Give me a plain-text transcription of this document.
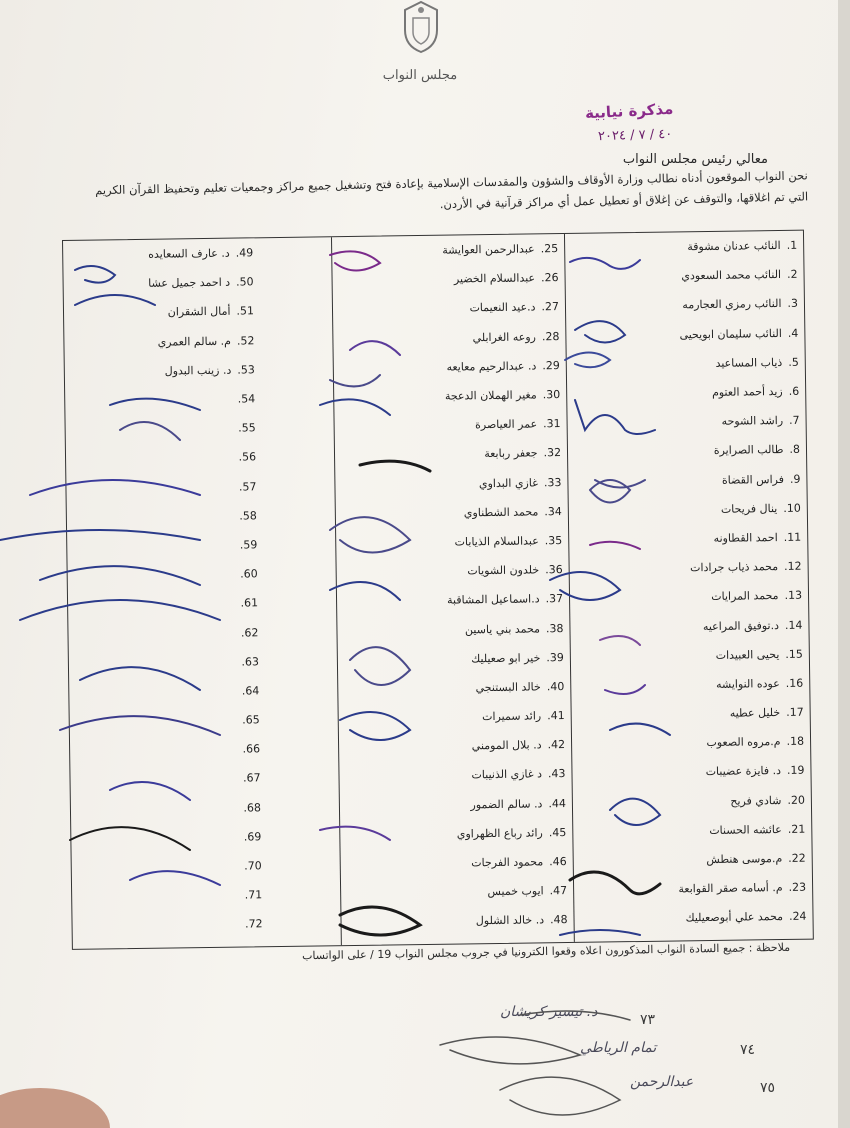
مجلس النواب
مذكرة نيابية
٤٠ / ٧ / ٢٠٢٤
معالي رئيس مجلس النواب
نحن النواب الموقعون أدناه نطالب وزارة الأوقاف والشؤون والمقدسات الإسلامية بإعادة فتح وتشغيل جميع مراكز وجمعيات تعليم وتحفيظ القرآن الكريم التي تم اغلاقها، والتوقف عن إغلاق أو تعطيل عمل أي مراكز قرآنية في الأردن.
1.
النائب عدنان مشوقة
2.
النائب محمد السعودي
3.
النائب رمزي العجارمه
4.
النائب سليمان ابويحيى
5.
ذياب المساعيد
6.
زيد أحمد العتوم
7.
راشد الشوحه
8.
طالب الصرايرة
9.
فراس القضاة
10.
ينال فريحات
11.
احمد القطاونه
12.
محمد ذياب جرادات
13.
محمد المرايات
14.
د.توفيق المراعيه
15.
يحيى العبيدات
16.
عوده النوايشه
17.
خليل عطيه
18.
م.مروه الصعوب
19.
د. فايزة عضيبات
20.
شادي فريح
21.
عائشه الحسنات
22.
م.موسى هنطش
23.
م. أسامه صقر القوابعة
24.
محمد علي أبوصعيليك
25.
عبدالرحمن العوايشة
26.
عبدالسلام الخضير
27.
د.عيد النعيمات
28.
روعه الغرابلي
29.
د. عبدالرحيم معايعه
30.
مغير الهملان الدعجة
31.
عمر العياصرة
32.
جعفر ربابعة
33.
غازي البداوي
34.
محمد الشطناوي
35.
عبدالسلام الذيابات
36.
خلدون الشويات
37.
د.اسماعيل المشاقبة
38.
محمد بني ياسين
39.
خير ابو صعيليك
40.
خالد البستنجي
41.
رائد سميرات
42.
د. بلال المومني
43.
د غازي الذنيبات
44.
د. سالم الضمور
45.
رائد رباع الظهراوي
46.
محمود الفرجات
47.
ايوب خميس
48.
د. خالد الشلول
49.
د. عارف السعايده
50.
د احمد جميل عشا
51.
أمال الشقران
52.
م. سالم العمري
53.
د. زينب البدول
54.
55.
56.
57.
58.
59.
60.
61.
62.
63.
64.
65.
66.
67.
68.
69.
70.
71.
72.
ملاحظة : جميع السادة النواب المذكورون اعلاه وقعوا الكترونيا في جروب مجلس النواب 19 / على الواتساب
٧٣
د. تيسير كريشان
٧٤
تمام الرياطي
٧٥
عبدالرحمن
